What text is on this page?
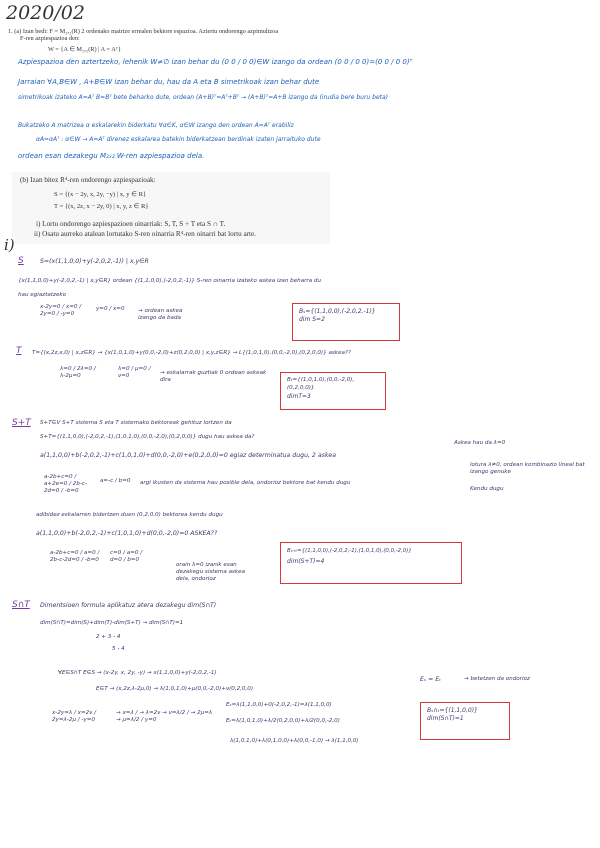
2020/02
1. (a) Izan bedi: F = M₂ₓ₂(R) 2 ordenako matrize errealen bektore espazioa. Aztertu ondorengo azpimultzoa
F-ren azpiespazioa den:
W = {A ∈ M₂ₓ₂(R) | A = Aᵀ}
Azpiespazioa den aztertzeko, lehenik W≠∅ izan behar du (0 0 / 0 0)∈W izango da ordean (0 0 / 0 0)=(0 0 / 0 0)ᵀ
Jarraian ∀A,B∈W , A+B∈W izan behar du, hau da A eta B simetrikoak izan behar dute
simetrikoak izateko A=Aᵀ B=Bᵀ bete beharko dute, ordean (A+B)ᵀ=Aᵀ+Bᵀ → (A+B)ᵀ=A+B izango da (irudia bere buru beta)
Bukatzeko A matrizea α eskalarekin biderkatu ∀α∈K, α∈W izango den ordean A=Aᵀ erabiliz
αA=αAᵀ : α∈W → A=Aᵀ direnez eskalarea batekin biderkatzean berdinak izaten jarraituko dute
ordean esan dezakegu M₂ₓ₂ W-ren azpiespazioa dela.
(b) Izan bitez R⁴-ren ondorengo azpiespazioak:
S = {(x − 2y, x, 2y, −y) | x, y ∈ R}
T = {(x, 2z, x − 2y, 0) | x, y, z ∈ R}
i) Lortu ondorengo azpiespazioen oinarriak: S, T, S + T eta S ∩ T.
ii) Osatu aurreko atalean lortutako S-ren oinarria R⁴-ren oinarri bat lortu arte.
i)
S	S=(x(1,1,0,0)+y(-2,0,2,-1)) | x,y∈R
{x(1,1,0,0)+y(-2,0,2,-1) | x,y∈R} ordean {(1,1,0,0),(-2,0,2,-1)} S-ren oinarria izateko askea izan beharra du
hau egiaztatzeko
x-2y=0 / x=0 / 2y=0 / -y=0
y=0 / x=0	→ ordean askea izango da bada
Bₛ={(1,1,0,0),(-2,0,2,-1)}
dim S=2
T T={(x,2z,x,0) | x,z∈R} → {x(1,0,1,0)+y(0,0,-2,0)+z(0,2,0,0) | x,y,z∈R} → L{(1,0,1,0),(0,0,-2,0),(0,2,0,0)} askea??
λ=0 / 2λ=0 / λ-2μ=0
λ=0 / μ=0 / ν=0	→ eskalarrak guztiak 0 ordean askeak dira	Bₜ={(1,0,1,0),(0,0,-2,0),(0,2,0,0)}
dimT=3
S+T S+T∈V S+T sistema S eta T sistemako bektoreak gehituz lortzen da
S+T={(1,1,0,0),(-2,0,2,-1),(1,0,1,0),(0,0,-2,0),(0,2,0,0)} dugu hau askea da?
a(1,1,0,0)+b(-2,0,2,-1)+c(1,0,1,0)+d(0,0,-2,0)+e(0,2,0,0)=0 egiaz determinatua dugu, 2 askea
Askea hau da λ=0
lotura λ≠0, ordean kombinazio lineal bat izango genuke
Kendu dugu
a-2b+c=0 / a+2e=0 / 2b-c-2d=0 / -b=0
a=-c / b=0	argi ikusten da sistema hau posible dela, ondorioz bektore bat kendu dugu
adibidez eskalarren bidertzen duen (0,2,0,0) bektorea kendu dugu
a(1,1,0,0)+b(-2,0,2,-1)+c(1,0,1,0)+d(0,0,-2,0)=0 ASKEA??
a-2b+c=0 / a=0 / 2b-c-2d=0 / -b=0
c=0 / a=0 / d=0 / b=0
orain λ=0 izanik esan dezakegu sistema askea dela, ondorioz
Bₛ₊ₜ={(1,1,0,0),(-2,0,2,-1),(1,0,1,0),(0,0,-2,0)}
dim(S+T)=4
S∩T Dimentsioen formula aplikatuz atera dezakegu dim(S∩T)
dim(S∩T)=dim(S)+dim(T)-dim(S+T) → dim(S∩T)=1
2 + 3 - 4
5 - 4
∀E∈S∩T E∈S → (x-2y, x, 2y, -y) → x(1,1,0,0)+y(-2,0,2,-1)
E∈T → (x,2z,λ-2μ,0) → λ(1,0,1,0)+μ(0,0,-2,0)+ν(0,2,0,0)
Eₛ = Eₜ	→ betetzen da ondorioz
x-2y=λ / x=2ν / 2y=λ-2μ / -y=0
→ x=λ / → λ=2ν → ν=λ/2 / → 2μ=λ → μ=λ/2 / y=0
Eₛ=λ(1,1,0,0)+0(-2,0,2,-1)=λ(1,1,0,0)
Eₜ=λ(1,0,1,0)+λ/2(0,2,0,0)+λ/2(0,0,-2,0)
λ(1,0,1,0)+λ(0,1,0,0)+λ(0,0,-1,0) → λ(1,1,0,0)
Bₛ∩ₜ={(1,1,0,0)}
dim(S∩T)=1
